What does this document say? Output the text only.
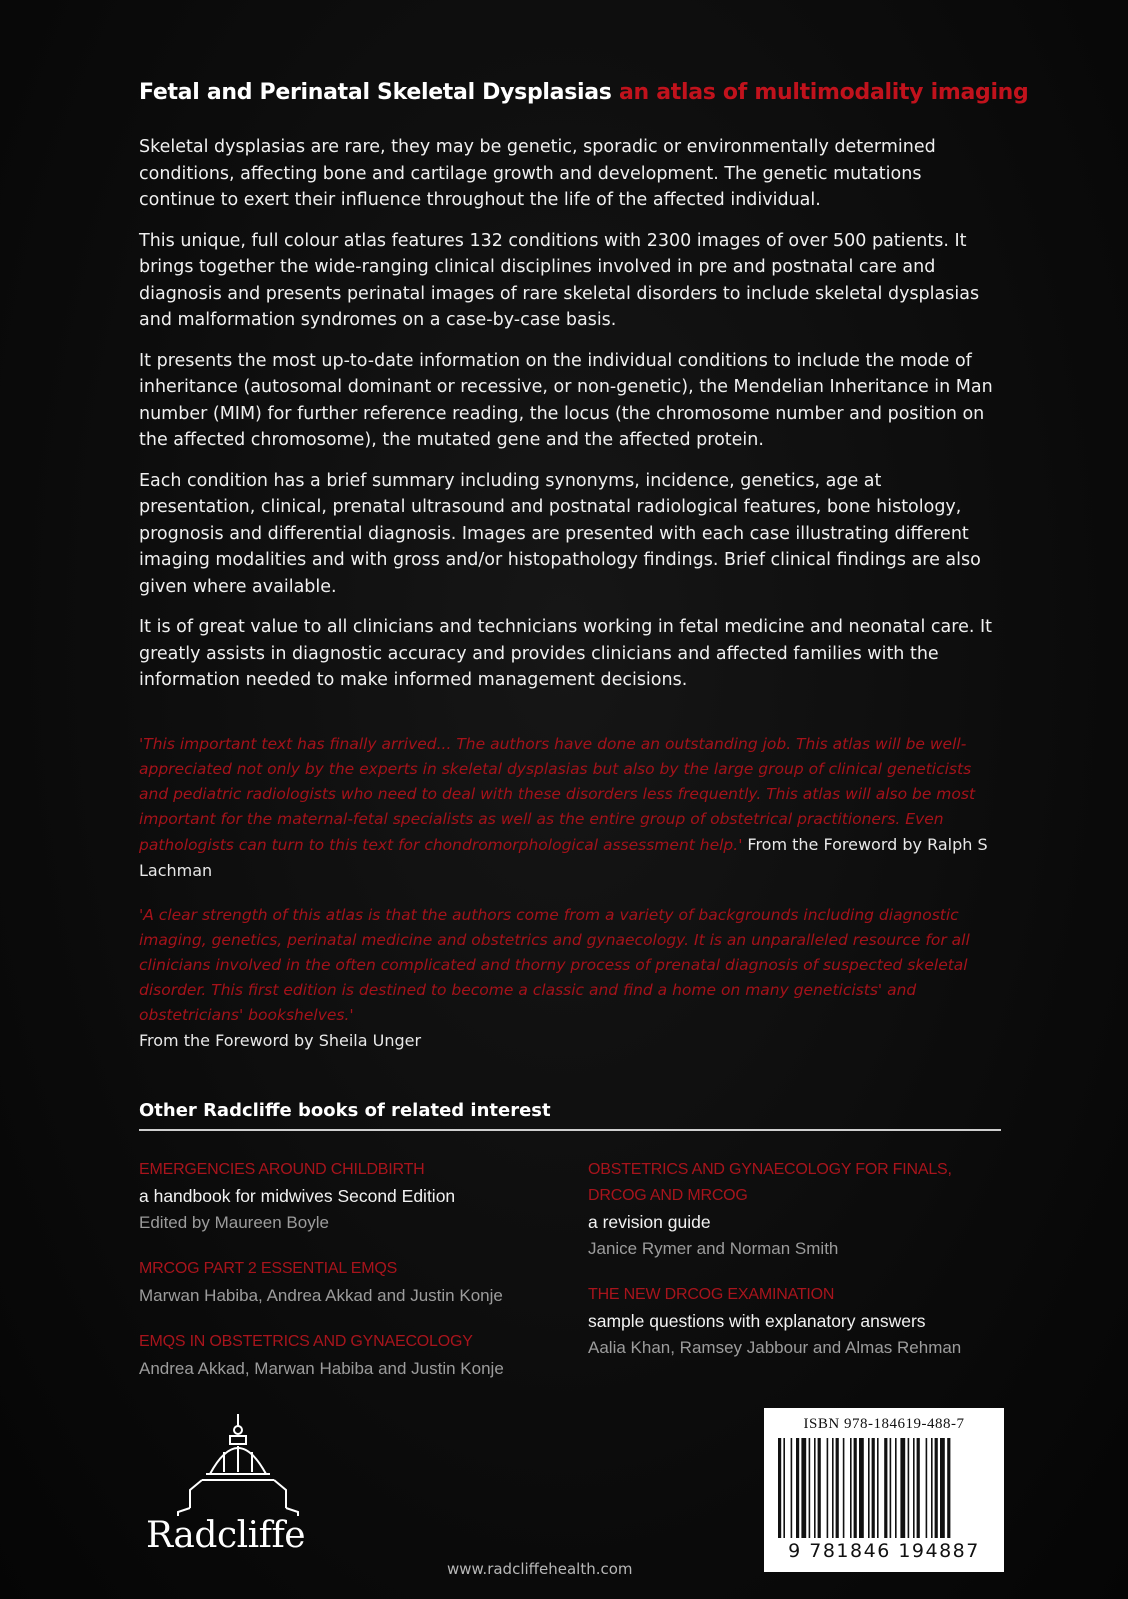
Fetal and Perinatal Skeletal Dysplasias an atlas of multimodality imaging

Skeletal dysplasias are rare, they may be genetic, sporadic or environmentally determined conditions, affecting bone and cartilage growth and development. The genetic mutations continue to exert their influence throughout the life of the affected individual.

This unique, full colour atlas features 132 conditions with 2300 images of over 500 patients. It brings together the wide-ranging clinical disciplines involved in pre and postnatal care and diagnosis and presents perinatal images of rare skeletal disorders to include skeletal dysplasias and malformation syndromes on a case-by-case basis.

It presents the most up-to-date information on the individual conditions to include the mode of inheritance (autosomal dominant or recessive, or non-genetic), the Mendelian Inheritance in Man number (MIM) for further reference reading, the locus (the chromosome number and position on the affected chromosome), the mutated gene and the affected protein.

Each condition has a brief summary including synonyms, incidence, genetics, age at presentation, clinical, prenatal ultrasound and postnatal radiological features, bone histology, prognosis and differential diagnosis. Images are presented with each case illustrating different imaging modalities and with gross and/or histopathology findings. Brief clinical findings are also given where available.

It is of great value to all clinicians and technicians working in fetal medicine and neonatal care. It greatly assists in diagnostic accuracy and provides clinicians and affected families with the information needed to make informed management decisions.

'This important text has finally arrived... The authors have done an outstanding job. This atlas will be well-appreciated not only by the experts in skeletal dysplasias but also by the large group of clinical geneticists and pediatric radiologists who need to deal with these disorders less frequently. This atlas will also be most important for the maternal-fetal specialists as well as the entire group of obstetrical practitioners. Even pathologists can turn to this text for chondromorphological assessment help.' From the Foreword by Ralph S Lachman
'A clear strength of this atlas is that the authors come from a variety of backgrounds including diagnostic imaging, genetics, perinatal medicine and obstetrics and gynaecology. It is an unparalleled resource for all clinicians involved in the often complicated and thorny process of prenatal diagnosis of suspected skeletal disorder. This first edition is destined to become a classic and find a home on many geneticists' and obstetricians' bookshelves.'
From the Foreword by Sheila Unger
Other Radcliffe books of related interest
EMERGENCIES AROUND CHILDBIRTH
a handbook for midwives Second Edition
Edited by Maureen Boyle
MRCOG PART 2 ESSENTIAL EMQS
Marwan Habiba, Andrea Akkad and Justin Konje
EMQS IN OBSTETRICS AND GYNAECOLOGY
Andrea Akkad, Marwan Habiba and Justin Konje
OBSTETRICS AND GYNAECOLOGY FOR FINALS, DRCOG AND MRCOG
a revision guide
Janice Rymer and Norman Smith
THE NEW DRCOG EXAMINATION
sample questions with explanatory answers
Aalia Khan, Ramsey Jabbour and Almas Rehman
Radcliffe
www.radcliffehealth.com
ISBN 978-184619-488-7
9 781846 194887
